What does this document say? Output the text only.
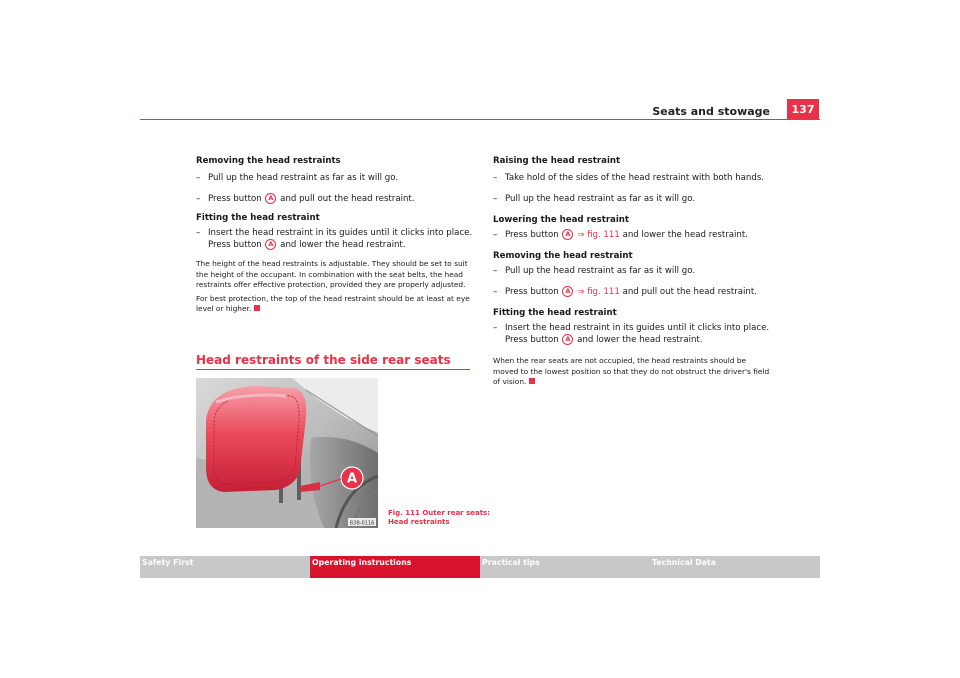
Seats and stowage	137
Removing the head restraints
– Pull up the head restraint as far as it will go.
– Press button A and pull out the head restraint.
Fitting the head restraint
– Insert the head restraint in its guides until it clicks into place.
Press button A and lower the head restraint.
The height of the head restraints is adjustable. They should be set to suit the height of the occupant. In combination with the seat belts, the head restraints offer effective protection, provided they are properly adjusted.
For best protection, the top of the head restraint should be at least at eye level or higher.
Head restraints of the side rear seats
A
B3B-0116
Fig. 111 Outer rear seats:
Head restraints
Raising the head restraint
– Take hold of the sides of the head restraint with both hands.
– Pull up the head restraint as far as it will go.
Lowering the head restraint
– Press button A ⇒ fig. 111 and lower the head restraint.
Removing the head restraint
– Pull up the head restraint as far as it will go.
– Press button A ⇒ fig. 111 and pull out the head restraint.
Fitting the head restraint
– Insert the head restraint in its guides until it clicks into place.
Press button A and lower the head restraint.
When the rear seats are not occupied, the head restraints should be moved to the lowest position so that they do not obstruct the driver's field of vision.
Safety First	Operating instructions	Practical tips	Technical Data
